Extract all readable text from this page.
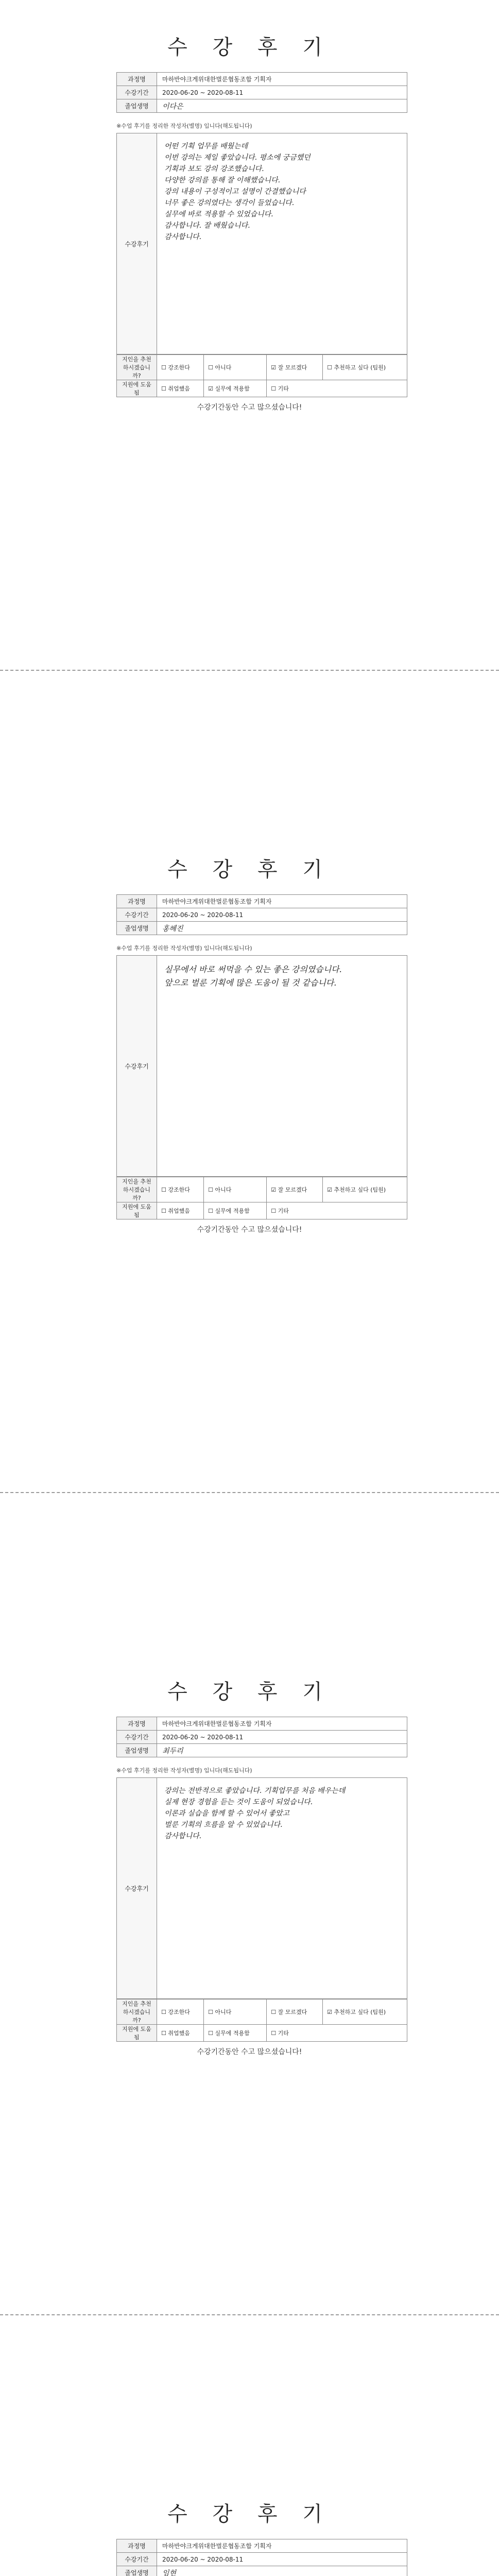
수 강 후 기
과정명	마하반야크게위대한벌룬협동조합 기획자
수강기간	2020-06-20 ~ 2020-08-11
졸업생명	이다은
※수업 후기를 정리한 작성자(별명) 입니다(해도됩니다)
수강후기
어떤 기획 업무를 배웠는데
이번 강의는 제일 좋았습니다. 평소에 궁금했던
기획과 보도 강의 강조했습니다.
다양한 강의를 통해 잘 이해했습니다.
강의 내용이 구성적이고 설명이 간결했습니다
너무 좋은 강의였다는 생각이 들었습니다.
실무에 바로 적용할 수 있었습니다.
감사합니다. 잘 배웠습니다.
감사합니다.
지인을 추천하시겠습니까?	☐ 강조한다	☐ 아니다	☑ 잘 모르겠다	☐ 추천하고 싶다 (팀원)
지원에 도움됨	☐ 취업했음	☑ 실무에 적용함	☐ 기타	
수강기간동안 수고 많으셨습니다!
수 강 후 기
과정명	마하반야크게위대한벌룬협동조합 기획자
수강기간	2020-06-20 ~ 2020-08-11
졸업생명	홍혜진
※수업 후기를 정리한 작성자(별명) 입니다(해도됩니다)
수강후기
실무에서 바로 써먹을 수 있는 좋은 강의였습니다.
앞으로 벌룬 기획에 많은 도움이 될 것 같습니다.
지인을 추천하시겠습니까?	☐ 강조한다	☐ 아니다	☑ 잘 모르겠다	☑ 추천하고 싶다 (팀원)
지원에 도움됨	☐ 취업했음	☐ 실무에 적용함	☐ 기타	
수강기간동안 수고 많으셨습니다!
수 강 후 기
과정명	마하반야크게위대한벌룬협동조합 기획자
수강기간	2020-06-20 ~ 2020-08-11
졸업생명	최두리
※수업 후기를 정리한 작성자(별명) 입니다(해도됩니다)
수강후기
강의는 전반적으로 좋았습니다. 기획업무를 처음 배우는데
실제 현장 경험을 듣는 것이 도움이 되었습니다.
이론과 실습을 함께 할 수 있어서 좋았고
벌룬 기획의 흐름을 알 수 있었습니다.
감사합니다.
지인을 추천하시겠습니까?	☐ 강조한다	☐ 아니다	☐ 잘 모르겠다	☑ 추천하고 싶다 (팀원)
지원에 도움됨	☐ 취업했음	☐ 실무에 적용함	☐ 기타	
수강기간동안 수고 많으셨습니다!
수 강 후 기
과정명	마하반야크게위대한벌룬협동조합 기획자
수강기간	2020-06-20 ~ 2020-08-11
졸업생명	임현
